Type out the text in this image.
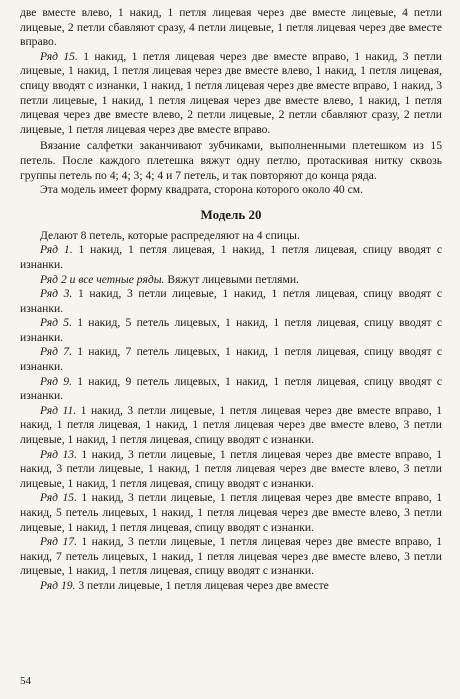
две вместе влево, 1 накид, 1 петля лицевая через две вместе лицевые, 4 петли лицевые, 2 петли сбавляют сразу, 4 петли лицевые, 1 петля лицевая через две вместе вправо.

Ряд 15. 1 накид, 1 петля лицевая через две вместе вправо, 1 накид, 3 петли лицевые, 1 накид, 1 петля лицевая через две вместе влево, 1 накид, 1 петля лицевая, спицу вводят с изнанки, 1 накид, 1 петля лицевая через две вместе вправо, 1 накид, 3 петли лицевые, 1 накид, 1 петля лицевая через две вместе влево, 1 накид, 1 петля лицевая через две вместе влево, 2 петли лицевые, 2 петли сбавляют сразу, 2 петли лицевые, 1 петля лицевая через две вместе вправо.

Вязание салфетки заканчивают зубчиками, выполненными плетешком из 15 петель. После каждого плетешка вяжут одну петлю, протаскивая нитку сквозь группы петель по 4; 4; 3; 4; 4 и 7 петель, и так повторяют до конца ряда.

Эта модель имеет форму квадрата, сторона которого около 40 см.

Модель 20

Делают 8 петель, которые распределяют на 4 спицы.

Ряд 1. 1 накид, 1 петля лицевая, 1 накид, 1 петля лицевая, спицу вводят с изнанки.

Ряд 2 и все четные ряды. Вяжут лицевыми петлями.

Ряд 3. 1 накид, 3 петли лицевые, 1 накид, 1 петля лицевая, спицу вводят с изнанки.

Ряд 5. 1 накид, 5 петель лицевых, 1 накид, 1 петля лицевая, спицу вводят с изнанки.

Ряд 7. 1 накид, 7 петель лицевых, 1 накид, 1 петля лицевая, спицу вводят с изнанки.

Ряд 9. 1 накид, 9 петель лицевых, 1 накид, 1 петля лицевая, спицу вводят с изнанки.

Ряд 11. 1 накид, 3 петли лицевые, 1 петля лицевая через две вместе вправо, 1 накид, 1 петля лицевая, 1 накид, 1 петля лицевая через две вместе влево, 3 петли лицевые, 1 накид, 1 петля лицевая, спицу вводят с изнанки.

Ряд 13. 1 накид, 3 петли лицевые, 1 петля лицевая через две вместе вправо, 1 накид, 3 петли лицевые, 1 накид, 1 петля лицевая через две вместе влево, 3 петли лицевые, 1 накид, 1 петля лицевая, спицу вводят с изнанки.

Ряд 15. 1 накид, 3 петли лицевые, 1 петля лицевая через две вместе вправо, 1 накид, 5 петель лицевых, 1 накид, 1 петля лицевая через две вместе влево, 3 петли лицевые, 1 накид, 1 петля лицевая, спицу вводят с изнанки.

Ряд 17. 1 накид, 3 петли лицевые, 1 петля лицевая через две вместе вправо, 1 накид, 7 петель лицевых, 1 накид, 1 петля лицевая через две вместе влево, 3 петли лицевые, 1 накид, 1 петля лицевая, спицу вводят с изнанки.

Ряд 19. 3 петли лицевые, 1 петля лицевая через две вместе

54
